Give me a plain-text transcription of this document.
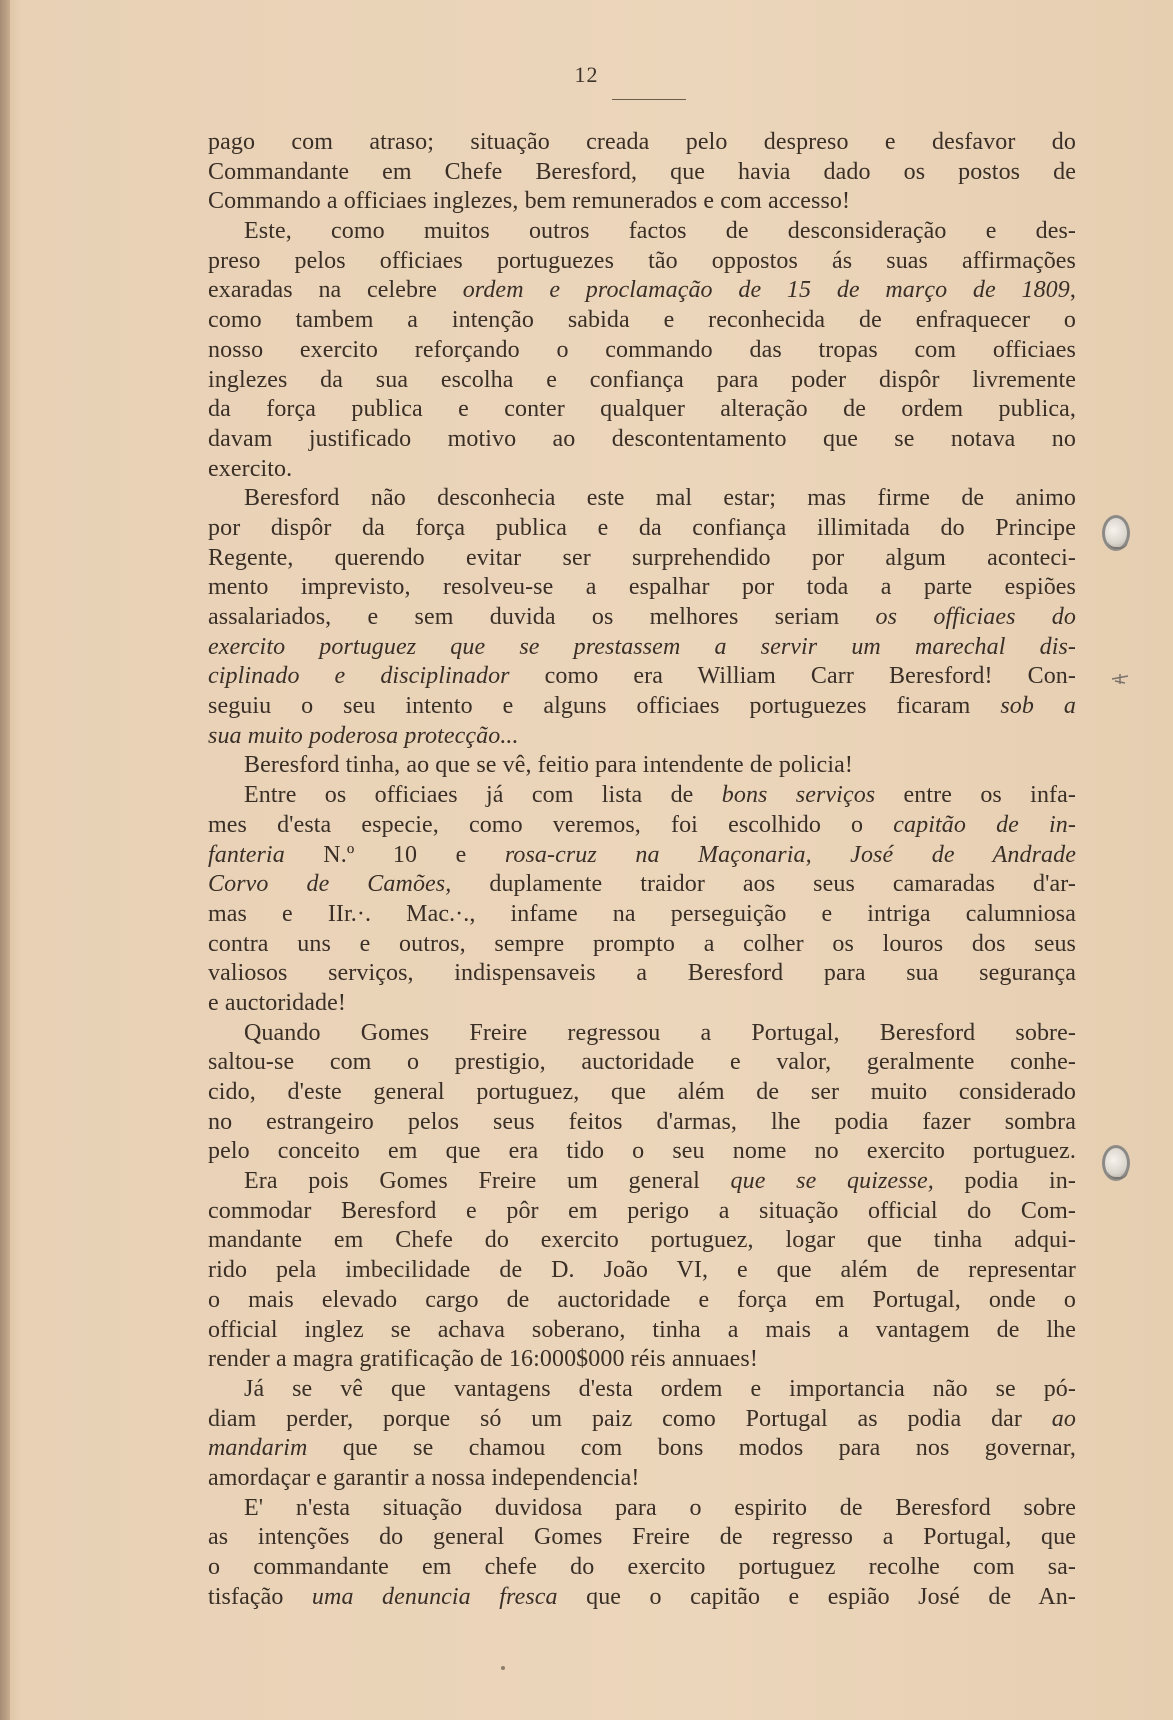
12
pago com atraso; situação creada pelo despreso e desfavor do
Commandante em Chefe Beresford, que havia dado os postos de
Commando a officiaes inglezes, bem remunerados e com accesso!
Este, como muitos outros factos de desconsideração e des-
preso pelos officiaes portuguezes tão oppostos ás suas affirmações
exaradas na celebre ordem e proclamação de 15 de março de 1809,
como tambem a intenção sabida e reconhecida de enfraquecer o
nosso exercito reforçando o commando das tropas com officiaes
inglezes da sua escolha e confiança para poder dispôr livremente
da força publica e conter qualquer alteração de ordem publica,
davam justificado motivo ao descontentamento que se notava no
exercito.
Beresford não desconhecia este mal estar; mas firme de animo
por dispôr da força publica e da confiança illimitada do Principe
Regente, querendo evitar ser surprehendido por algum aconteci-
mento imprevisto, resolveu-se a espalhar por toda a parte espiões
assalariados, e sem duvida os melhores seriam os officiaes do
exercito portuguez que se prestassem a servir um marechal dis-
ciplinado e disciplinador como era William Carr Beresford! Con-
seguiu o seu intento e alguns officiaes portuguezes ficaram sob a
sua muito poderosa protecção...
Beresford tinha, ao que se vê, feitio para intendente de policia!
Entre os officiaes já com lista de bons serviços entre os infa-
mes d'esta especie, como veremos, foi escolhido o capitão de in-
fanteria N.º 10 e rosa-cruz na Maçonaria, José de Andrade
Corvo de Camões, duplamente traidor aos seus camaradas d'ar-
mas e IIr.·. Mac.·., infame na perseguição e intriga calumniosa
contra uns e outros, sempre prompto a colher os louros dos seus
valiosos serviços, indispensaveis a Beresford para sua segurança
e auctoridade!
Quando Gomes Freire regressou a Portugal, Beresford sobre-
saltou-se com o prestigio, auctoridade e valor, geralmente conhe-
cido, d'este general portuguez, que além de ser muito considerado
no estrangeiro pelos seus feitos d'armas, lhe podia fazer sombra
pelo conceito em que era tido o seu nome no exercito portuguez.
Era pois Gomes Freire um general que se quizesse, podia in-
commodar Beresford e pôr em perigo a situação official do Com-
mandante em Chefe do exercito portuguez, logar que tinha adqui-
rido pela imbecilidade de D. João VI, e que além de representar
o mais elevado cargo de auctoridade e força em Portugal, onde o
official inglez se achava soberano, tinha a mais a vantagem de lhe
render a magra gratificação de 16:000$000 réis annuaes!
Já se vê que vantagens d'esta ordem e importancia não se pó-
diam perder, porque só um paiz como Portugal as podia dar ao
mandarim que se chamou com bons modos para nos governar,
amordaçar e garantir a nossa independencia!
E' n'esta situação duvidosa para o espirito de Beresford sobre
as intenções do general Gomes Freire de regresso a Portugal, que
o commandante em chefe do exercito portuguez recolhe com sa-
tisfação uma denuncia fresca que o capitão e espião José de An-
